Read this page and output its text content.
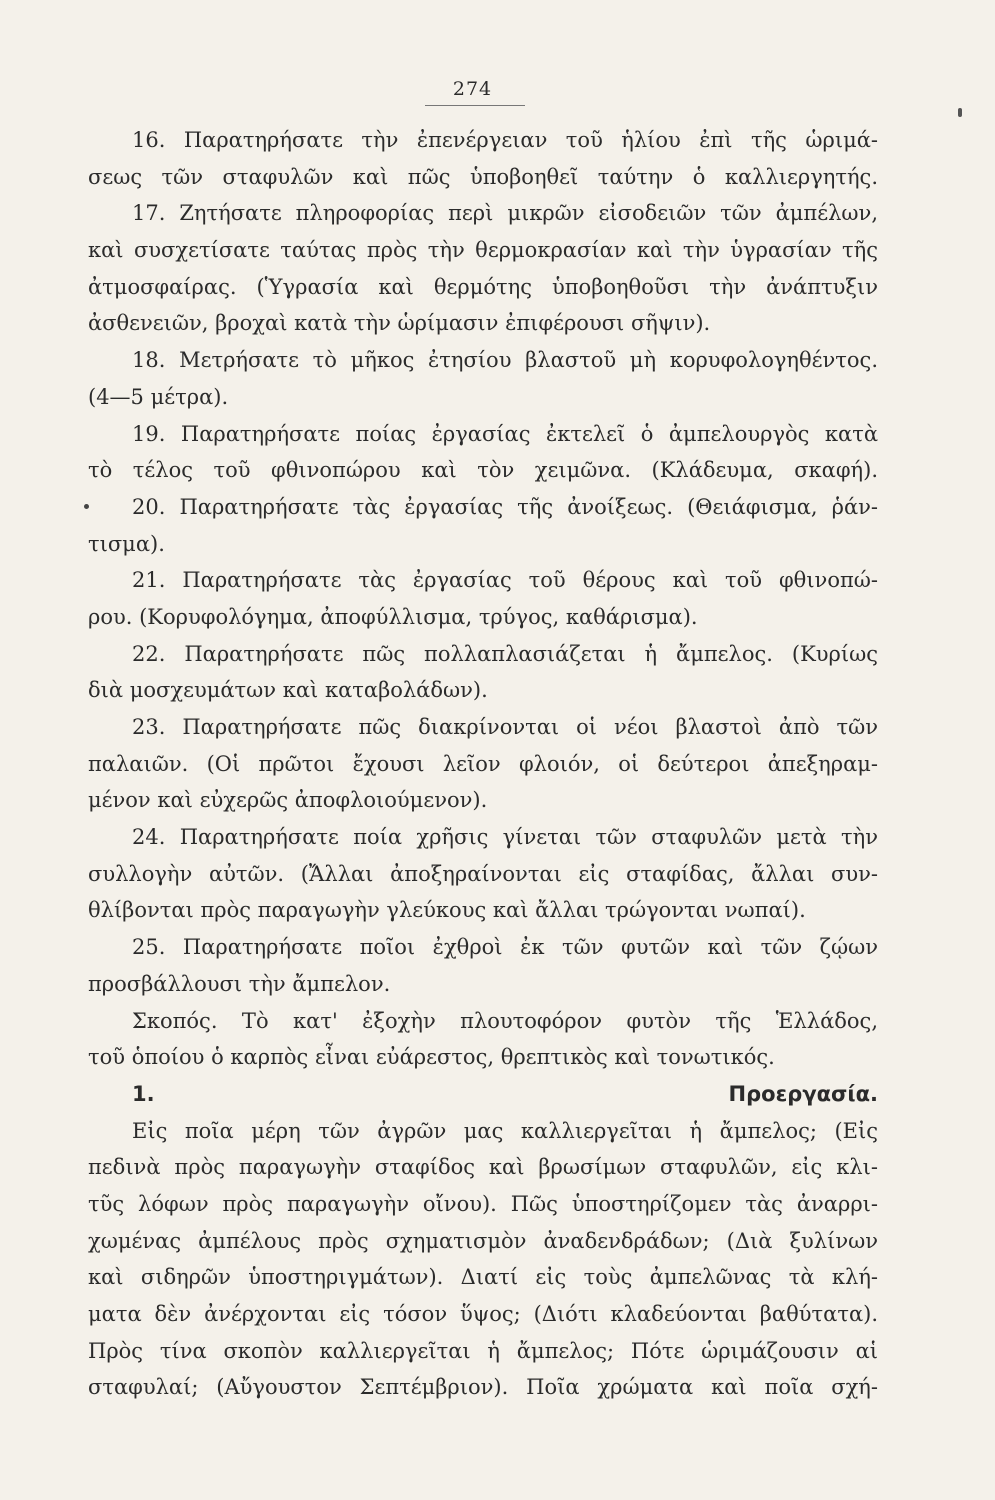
274
16. Παρατηρήσατε τὴν ἐπενέργειαν τοῦ ἡλίου ἐπὶ τῆς ὡριμά-
σεως τῶν σταφυλῶν καὶ πῶς ὑποβοηθεῖ ταύτην ὁ καλλιεργητής.
17. Ζητήσατε πληροφορίας περὶ μικρῶν εἰσοδειῶν τῶν ἀμπέλων,
καὶ συσχετίσατε ταύτας πρὸς τὴν θερμοκρασίαν καὶ τὴν ὑγρασίαν τῆς
ἀτμοσφαίρας. (Ὑγρασία καὶ θερμότης ὑποβοηθοῦσι τὴν ἀνάπτυξιν
ἀσθενειῶν, βροχαὶ κατὰ τὴν ὡρίμασιν ἐπιφέρουσι σῆψιν).
18. Μετρήσατε τὸ μῆκος ἐτησίου βλαστοῦ μὴ κορυφολογηθέντος.
(4—5 μέτρα).
19. Παρατηρήσατε ποίας ἐργασίας ἐκτελεῖ ὁ ἀμπελουργὸς κατὰ
τὸ τέλος τοῦ φθινοπώρου καὶ τὸν χειμῶνα. (Κλάδευμα, σκαφή).
20. Παρατηρήσατε τὰς ἐργασίας τῆς ἀνοίξεως. (Θειάφισμα, ῥάν-
τισμα).
21. Παρατηρήσατε τὰς ἐργασίας τοῦ θέρους καὶ τοῦ φθινοπώ-
ρου. (Κορυφολόγημα, ἀποφύλλισμα, τρύγος, καθάρισμα).
22. Παρατηρήσατε πῶς πολλαπλασιάζεται ἡ ἄμπελος. (Κυρίως
διὰ μοσχευμάτων καὶ καταβολάδων).
23. Παρατηρήσατε πῶς διακρίνονται οἱ νέοι βλαστοὶ ἀπὸ τῶν
παλαιῶν. (Οἱ πρῶτοι ἔχουσι λεῖον φλοιόν, οἱ δεύτεροι ἀπεξηραμ-
μένον καὶ εὐχερῶς ἀποφλοιούμενον).
24. Παρατηρήσατε ποία χρῆσις γίνεται τῶν σταφυλῶν μετὰ τὴν
συλλογὴν αὐτῶν. (Ἄλλαι ἀποξηραίνονται εἰς σταφίδας, ἄλλαι συν-
θλίβονται πρὸς παραγωγὴν γλεύκους καὶ ἄλλαι τρώγονται νωπαί).
25. Παρατηρήσατε ποῖοι ἐχθροὶ ἐκ τῶν φυτῶν καὶ τῶν ζῴων
προσβάλλουσι τὴν ἄμπελον.
Σκοπός. Τὸ κατ' ἐξοχὴν πλουτοφόρον φυτὸν τῆς Ἑλλάδος,
τοῦ ὁποίου ὁ καρπὸς εἶναι εὐάρεστος, θρεπτικὸς καὶ τονωτικός.
1. Προεργασία.
Εἰς ποῖα μέρη τῶν ἀγρῶν μας καλλιεργεῖται ἡ ἄμπελος; (Εἰς
πεδινὰ πρὸς παραγωγὴν σταφίδος καὶ βρωσίμων σταφυλῶν, εἰς κλι-
τῦς λόφων πρὸς παραγωγὴν οἴνου). Πῶς ὑποστηρίζομεν τὰς ἀναρρι-
χωμένας ἀμπέλους πρὸς σχηματισμὸν ἀναδενδράδων; (Διὰ ξυλίνων
καὶ σιδηρῶν ὑποστηριγμάτων). Διατί εἰς τοὺς ἀμπελῶνας τὰ κλή-
ματα δὲν ἀνέρχονται εἰς τόσον ὕψος; (Διότι κλαδεύονται βαθύτατα).
Πρὸς τίνα σκοπὸν καλλιεργεῖται ἡ ἄμπελος; Πότε ὡριμάζουσιν αἱ
σταφυλαί; (Αὔγουστον Σεπτέμβριον). Ποῖα χρώματα καὶ ποῖα σχή-
